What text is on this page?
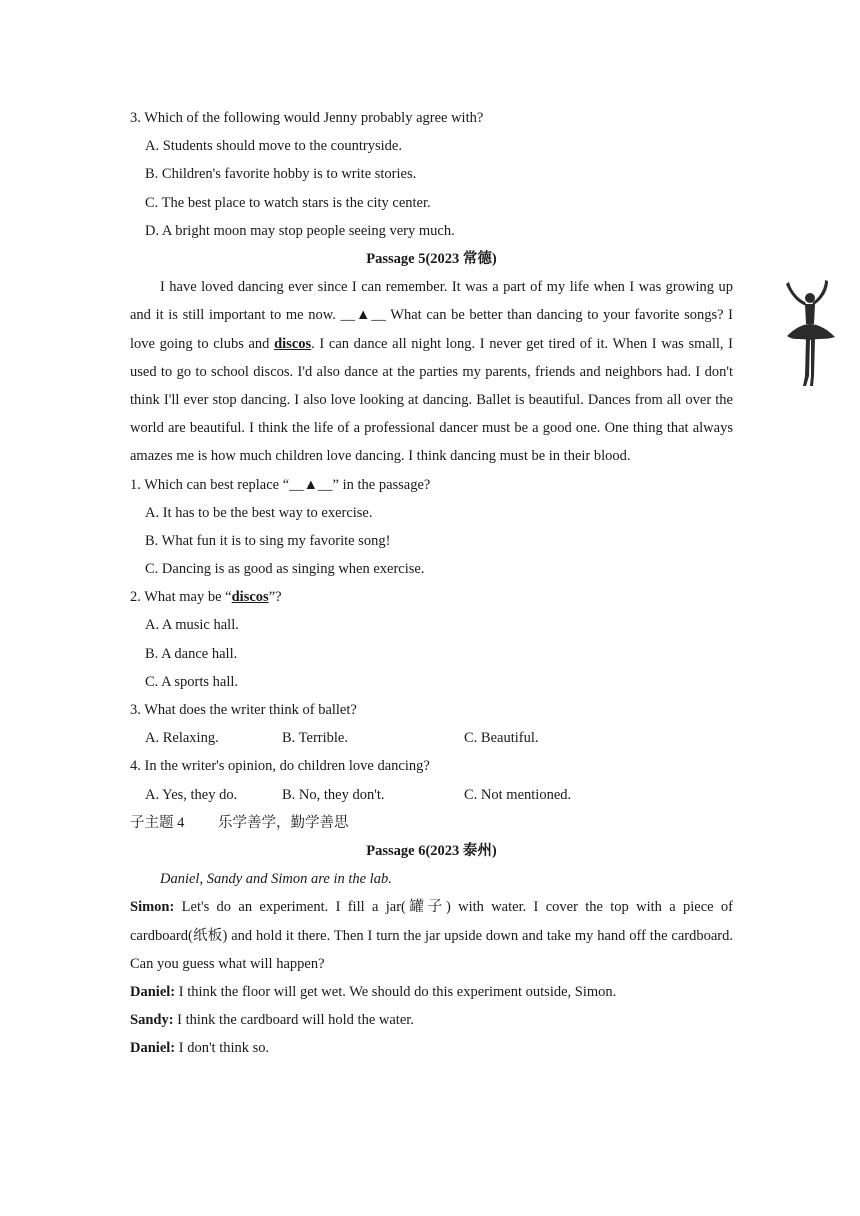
3. Which of the following would Jenny probably agree with?
A. Students should move to the countryside.
B. Children's favorite hobby is to write stories.
C. The best place to watch stars is the city center.
D. A bright moon may stop people seeing very much.
Passage 5(2023 常德)
I have loved dancing ever since I can remember. It was a part of my life when I was growing up and it is still important to me now. __▲__ What can be better than dancing to your favorite songs? I love going to clubs and discos. I can dance all night long. I never get tired of it. When I was small, I used to go to school discos. I'd also dance at the parties my parents, friends and neighbors had. I don't think I'll ever stop dancing. I also love looking at dancing. Ballet is beautiful. Dances from all over the world are beautiful. I think the life of a professional dancer must be a good one. One thing that always amazes me is how much children love dancing. I think dancing must be in their blood.
1. Which can best replace “__▲__” in the passage?
A. It has to be the best way to exercise.
B. What fun it is to sing my favorite song!
C. Dancing is as good as singing when exercise.
2. What may be “discos”?
A. A music hall.
B. A dance hall.
C. A sports hall.
3. What does the writer think of ballet?
A. Relaxing.	B. Terrible.	C. Beautiful.
4. In the writer's opinion, do children love dancing?
A. Yes, they do.	B. No, they don't.	C. Not mentioned.
子主题 4 乐学善学，勤学善思
Passage 6(2023 泰州)
Daniel, Sandy and Simon are in the lab.
Simon: Let's do an experiment. I fill a jar(罐子) with water. I cover the top with a piece of cardboard(纸板) and hold it there. Then I turn the jar upside down and take my hand off the cardboard. Can you guess what will happen?
Daniel: I think the floor will get wet. We should do this experiment outside, Simon.
Sandy: I think the cardboard will hold the water.
Daniel: I don't think so.
